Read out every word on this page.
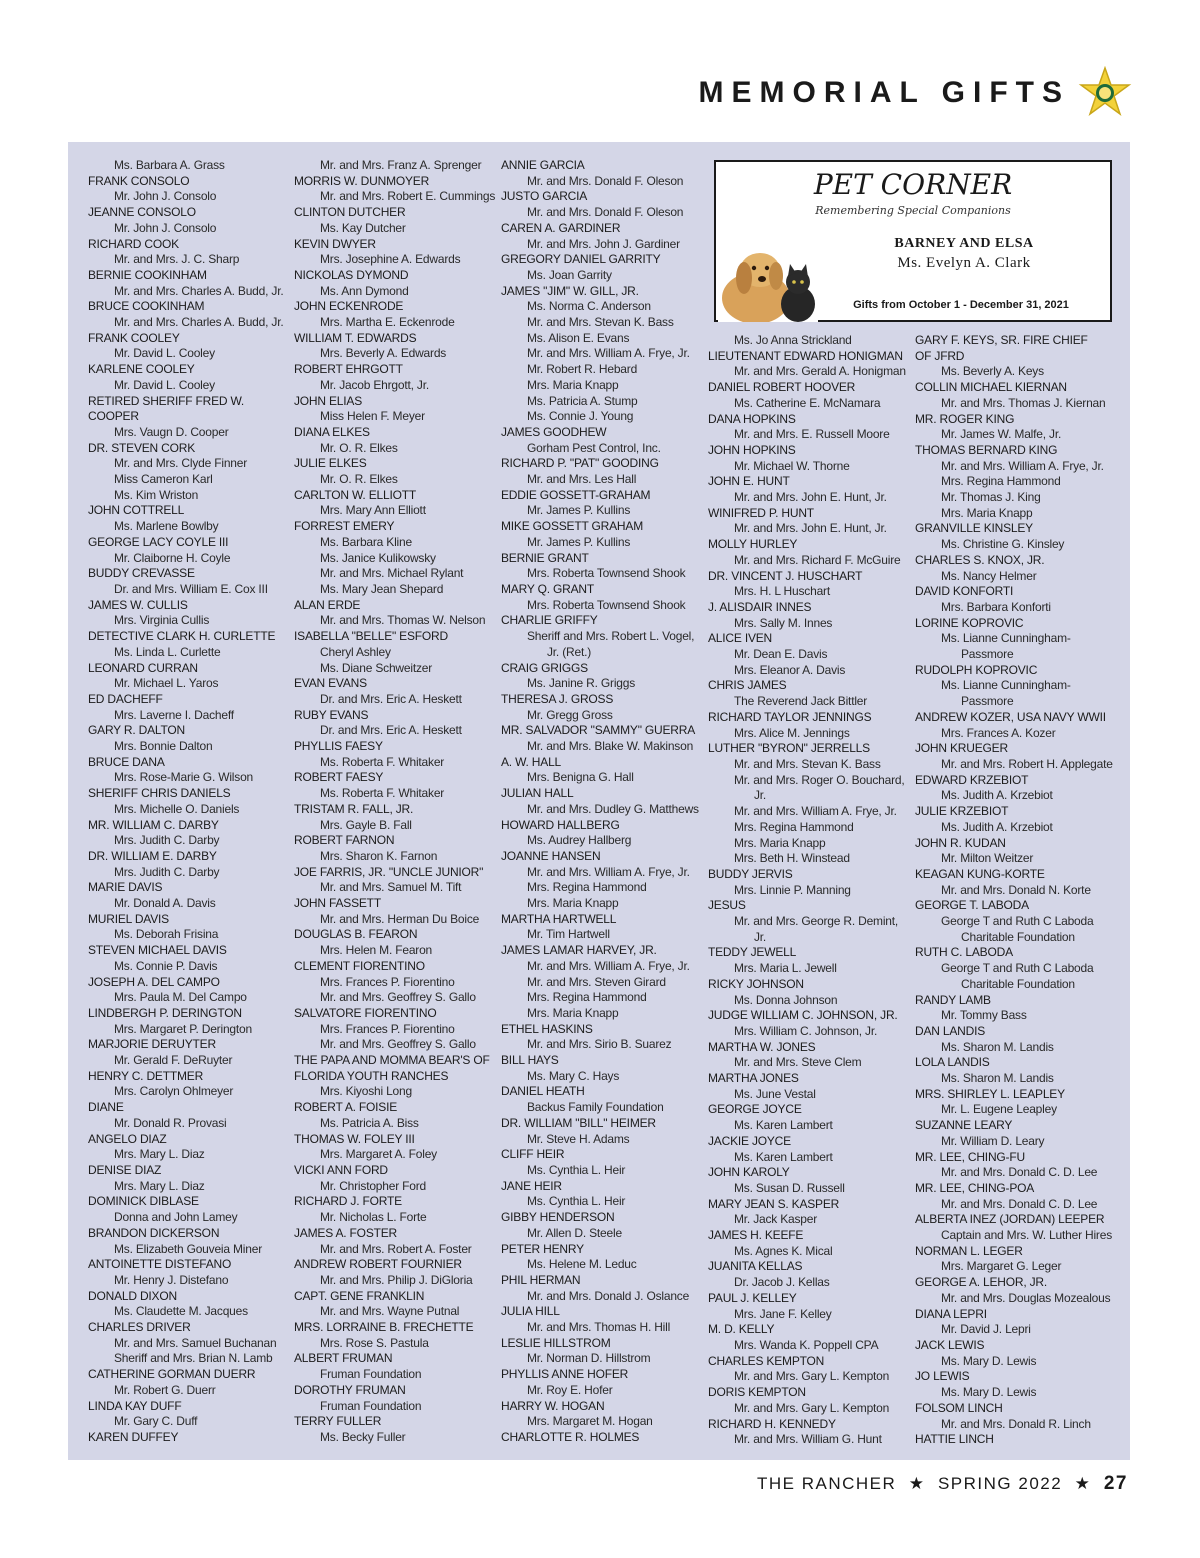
MEMORIAL GIFTS
Ms. Barbara A. Grass
FRANK CONSOLO
Mr. John J. Consolo
JEANNE CONSOLO
Mr. John J. Consolo
RICHARD COOK
Mr. and Mrs. J. C. Sharp
BERNIE COOKINHAM
Mr. and Mrs. Charles A. Budd, Jr.
BRUCE COOKINHAM
Mr. and Mrs. Charles A. Budd, Jr.
FRANK COOLEY
Mr. David L. Cooley
KARLENE COOLEY
Mr. David L. Cooley
RETIRED SHERIFF FRED W.
COOPER
Mrs. Vaugn D. Cooper
DR. STEVEN CORK
Mr. and Mrs. Clyde Finner
Miss Cameron Karl
Ms. Kim Wriston
JOHN COTTRELL
Ms. Marlene Bowlby
GEORGE LACY COYLE III
Mr. Claiborne H. Coyle
BUDDY CREVASSE
Dr. and Mrs. William E. Cox III
JAMES W. CULLIS
Mrs. Virginia Cullis
DETECTIVE CLARK H. CURLETTE
Ms. Linda L. Curlette
LEONARD CURRAN
Mr. Michael L. Yaros
ED DACHEFF
Mrs. Laverne I. Dacheff
GARY R. DALTON
Mrs. Bonnie Dalton
BRUCE DANA
Mrs. Rose-Marie G. Wilson
SHERIFF CHRIS DANIELS
Mrs. Michelle O. Daniels
MR. WILLIAM C. DARBY
Mrs. Judith C. Darby
DR. WILLIAM E. DARBY
Mrs. Judith C. Darby
MARIE DAVIS
Mr. Donald A. Davis
MURIEL DAVIS
Ms. Deborah Frisina
STEVEN MICHAEL DAVIS
Ms. Connie P. Davis
JOSEPH A. DEL CAMPO
Mrs. Paula M. Del Campo
LINDBERGH P. DERINGTON
Mrs. Margaret P. Derington
MARJORIE DERUYTER
Mr. Gerald F. DeRuyter
HENRY C. DETTMER
Mrs. Carolyn Ohlmeyer
DIANE
Mr. Donald R. Provasi
ANGELO DIAZ
Mrs. Mary L. Diaz
DENISE DIAZ
Mrs. Mary L. Diaz
DOMINICK DIBLASE
Donna and John Lamey
BRANDON DICKERSON
Ms. Elizabeth Gouveia Miner
ANTOINETTE DISTEFANO
Mr. Henry J. Distefano
DONALD DIXON
Ms. Claudette M. Jacques
CHARLES DRIVER
Mr. and Mrs. Samuel Buchanan
Sheriff and Mrs. Brian N. Lamb
CATHERINE GORMAN DUERR
Mr. Robert G. Duerr
LINDA KAY DUFF
Mr. Gary C. Duff
KAREN DUFFEY
Mr. and Mrs. Franz A. Sprenger
MORRIS W. DUNMOYER
Mr. and Mrs. Robert E. Cummings
CLINTON DUTCHER
Ms. Kay Dutcher
KEVIN DWYER
Mrs. Josephine A. Edwards
NICKOLAS DYMOND
Ms. Ann Dymond
JOHN ECKENRODE
Mrs. Martha E. Eckenrode
WILLIAM T. EDWARDS
Mrs. Beverly A. Edwards
ROBERT EHRGOTT
Mr. Jacob Ehrgott, Jr.
JOHN ELIAS
Miss Helen F. Meyer
DIANA ELKES
Mr. O. R. Elkes
JULIE ELKES
Mr. O. R. Elkes
CARLTON W. ELLIOTT
Mrs. Mary Ann Elliott
FORREST EMERY
Ms. Barbara Kline
Ms. Janice Kulikowsky
Mr. and Mrs. Michael Rylant
Ms. Mary Jean Shepard
ALAN ERDE
Mr. and Mrs. Thomas W. Nelson
ISABELLA "BELLE" ESFORD
Cheryl Ashley
Ms. Diane Schweitzer
EVAN EVANS
Dr. and Mrs. Eric A. Heskett
RUBY EVANS
Dr. and Mrs. Eric A. Heskett
PHYLLIS FAESY
Ms. Roberta F. Whitaker
ROBERT FAESY
Ms. Roberta F. Whitaker
TRISTAM R. FALL, JR.
Mrs. Gayle B. Fall
ROBERT FARNON
Mrs. Sharon K. Farnon
JOE FARRIS, JR. "UNCLE JUNIOR"
Mr. and Mrs. Samuel M. Tift
JOHN FASSETT
Mr. and Mrs. Herman Du Boice
DOUGLAS B. FEARON
Mrs. Helen M. Fearon
CLEMENT FIORENTINO
Mrs. Frances P. Fiorentino
Mr. and Mrs. Geoffrey S. Gallo
SALVATORE FIORENTINO
Mrs. Frances P. Fiorentino
Mr. and Mrs. Geoffrey S. Gallo
THE PAPA AND MOMMA BEAR'S OF
FLORIDA YOUTH RANCHES
Mrs. Kiyoshi Long
ROBERT A. FOISIE
Ms. Patricia A. Biss
THOMAS W. FOLEY III
Mrs. Margaret A. Foley
VICKI ANN FORD
Mr. Christopher Ford
RICHARD J. FORTE
Mr. Nicholas L. Forte
JAMES A. FOSTER
Mr. and Mrs. Robert A. Foster
ANDREW ROBERT FOURNIER
Mr. and Mrs. Philip J. DiGloria
CAPT. GENE FRANKLIN
Mr. and Mrs. Wayne Putnal
MRS. LORRAINE B. FRECHETTE
Mrs. Rose S. Pastula
ALBERT FRUMAN
Fruman Foundation
DOROTHY FRUMAN
Fruman Foundation
TERRY FULLER
Ms. Becky Fuller
ANNIE GARCIA
Mr. and Mrs. Donald F. Oleson
JUSTO GARCIA
Mr. and Mrs. Donald F. Oleson
CAREN A. GARDINER
Mr. and Mrs. John J. Gardiner
GREGORY DANIEL GARRITY
Ms. Joan Garrity
JAMES "JIM" W. GILL, JR.
Ms. Norma C. Anderson
Mr. and Mrs. Stevan K. Bass
Ms. Alison E. Evans
Mr. and Mrs. William A. Frye, Jr.
Mr. Robert R. Hebard
Mrs. Maria Knapp
Ms. Patricia A. Stump
Ms. Connie J. Young
JAMES GOODHEW
Gorham Pest Control, Inc.
RICHARD P. "PAT" GOODING
Mr. and Mrs. Les Hall
EDDIE GOSSETT-GRAHAM
Mr. James P. Kullins
MIKE GOSSETT GRAHAM
Mr. James P. Kullins
BERNIE GRANT
Mrs. Roberta Townsend Shook
MARY Q. GRANT
Mrs. Roberta Townsend Shook
CHARLIE GRIFFY
Sheriff and Mrs. Robert L. Vogel,
Jr. (Ret.)
CRAIG GRIGGS
Ms. Janine R. Griggs
THERESA J. GROSS
Mr. Gregg Gross
MR. SALVADOR "SAMMY" GUERRA
Mr. and Mrs. Blake W. Makinson
A. W. HALL
Mrs. Benigna G. Hall
JULIAN HALL
Mr. and Mrs. Dudley G. Matthews
HOWARD HALLBERG
Ms. Audrey Hallberg
JOANNE HANSEN
Mr. and Mrs. William A. Frye, Jr.
Mrs. Regina Hammond
Mrs. Maria Knapp
MARTHA HARTWELL
Mr. Tim Hartwell
JAMES LAMAR HARVEY, JR.
Mr. and Mrs. William A. Frye, Jr.
Mr. and Mrs. Steven Girard
Mrs. Regina Hammond
Mrs. Maria Knapp
ETHEL HASKINS
Mr. and Mrs. Sirio B. Suarez
BILL HAYS
Ms. Mary C. Hays
DANIEL HEATH
Backus Family Foundation
DR. WILLIAM "BILL" HEIMER
Mr. Steve H. Adams
CLIFF HEIR
Ms. Cynthia L. Heir
JANE HEIR
Ms. Cynthia L. Heir
GIBBY HENDERSON
Mr. Allen D. Steele
PETER HENRY
Ms. Helene M. Leduc
PHIL HERMAN
Mr. and Mrs. Donald J. Oslance
JULIA HILL
Mr. and Mrs. Thomas H. Hill
LESLIE HILLSTROM
Mr. Norman D. Hillstrom
PHYLLIS ANNE HOFER
Mr. Roy E. Hofer
HARRY W. HOGAN
Mrs. Margaret M. Hogan
CHARLOTTE R. HOLMES
Ms. Jo Anna Strickland
LIEUTENANT EDWARD HONIGMAN
Mr. and Mrs. Gerald A. Honigman
DANIEL ROBERT HOOVER
Ms. Catherine E. McNamara
DANA HOPKINS
Mr. and Mrs. E. Russell Moore
JOHN HOPKINS
Mr. Michael W. Thorne
JOHN E. HUNT
Mr. and Mrs. John E. Hunt, Jr.
WINIFRED P. HUNT
Mr. and Mrs. John E. Hunt, Jr.
MOLLY HURLEY
Mr. and Mrs. Richard F. McGuire
DR. VINCENT J. HUSCHART
Mrs. H. L Huschart
J. ALISDAIR INNES
Mrs. Sally M. Innes
ALICE IVEN
Mr. Dean E. Davis
Mrs. Eleanor A. Davis
CHRIS JAMES
The Reverend Jack Bittler
RICHARD TAYLOR JENNINGS
Mrs. Alice M. Jennings
LUTHER "BYRON" JERRELLS
Mr. and Mrs. Stevan K. Bass
Mr. and Mrs. Roger O. Bouchard,
Jr.
Mr. and Mrs. William A. Frye, Jr.
Mrs. Regina Hammond
Mrs. Maria Knapp
Mrs. Beth H. Winstead
BUDDY JERVIS
Mrs. Linnie P. Manning
JESUS
Mr. and Mrs. George R. Demint,
Jr.
TEDDY JEWELL
Mrs. Maria L. Jewell
RICKY JOHNSON
Ms. Donna Johnson
JUDGE WILLIAM C. JOHNSON, JR.
Mrs. William C. Johnson, Jr.
MARTHA W. JONES
Mr. and Mrs. Steve Clem
MARTHA JONES
Ms. June Vestal
GEORGE JOYCE
Ms. Karen Lambert
JACKIE JOYCE
Ms. Karen Lambert
JOHN KAROLY
Ms. Susan D. Russell
MARY JEAN S. KASPER
Mr. Jack Kasper
JAMES H. KEEFE
Ms. Agnes K. Mical
JUANITA KELLAS
Dr. Jacob J. Kellas
PAUL J. KELLEY
Mrs. Jane F. Kelley
M. D. KELLY
Mrs. Wanda K. Poppell CPA
CHARLES KEMPTON
Mr. and Mrs. Gary L. Kempton
DORIS KEMPTON
Mr. and Mrs. Gary L. Kempton
RICHARD H. KENNEDY
Mr. and Mrs. William G. Hunt
GARY F. KEYS, SR. FIRE CHIEF
OF JFRD
Ms. Beverly A. Keys
COLLIN MICHAEL KIERNAN
Mr. and Mrs. Thomas J. Kiernan
MR. ROGER KING
Mr. James W. Malfe, Jr.
THOMAS BERNARD KING
Mr. and Mrs. William A. Frye, Jr.
Mrs. Regina Hammond
Mr. Thomas J. King
Mrs. Maria Knapp
GRANVILLE KINSLEY
Ms. Christine G. Kinsley
CHARLES S. KNOX, JR.
Ms. Nancy Helmer
DAVID KONFORTI
Mrs. Barbara Konforti
LORINE KOPROVIC
Ms. Lianne Cunningham-
Passmore
RUDOLPH KOPROVIC
Ms. Lianne Cunningham-
Passmore
ANDREW KOZER, USA NAVY WWII
Mrs. Frances A. Kozer
JOHN KRUEGER
Mr. and Mrs. Robert H. Applegate
EDWARD KRZEBIOT
Ms. Judith A. Krzebiot
JULIE KRZEBIOT
Ms. Judith A. Krzebiot
JOHN R. KUDAN
Mr. Milton Weitzer
KEAGAN KUNG-KORTE
Mr. and Mrs. Donald N. Korte
GEORGE T. LABODA
George T and Ruth C Laboda
Charitable Foundation
RUTH C. LABODA
George T and Ruth C Laboda
Charitable Foundation
RANDY LAMB
Mr. Tommy Bass
DAN LANDIS
Ms. Sharon M. Landis
LOLA LANDIS
Ms. Sharon M. Landis
MRS. SHIRLEY L. LEAPLEY
Mr. L. Eugene Leapley
SUZANNE LEARY
Mr. William D. Leary
MR. LEE, CHING-FU
Mr. and Mrs. Donald C. D. Lee
MR. LEE, CHING-POA
Mr. and Mrs. Donald C. D. Lee
ALBERTA INEZ (JORDAN) LEEPER
Captain and Mrs. W. Luther Hires
NORMAN L. LEGER
Mrs. Margaret G. Leger
GEORGE A. LEHOR, JR.
Mr. and Mrs. Douglas Mozealous
DIANA LEPRI
Mr. David J. Lepri
JACK LEWIS
Ms. Mary D. Lewis
JO LEWIS
Ms. Mary D. Lewis
FOLSOM LINCH
Mr. and Mrs. Donald R. Linch
HATTIE LINCH
PET CORNER
Remembering Special Companions
BARNEY AND ELSA
Ms. Evelyn A. Clark
Gifts from October 1 - December 31, 2021
THE RANCHER  ★  SPRING 2022  ★  27
